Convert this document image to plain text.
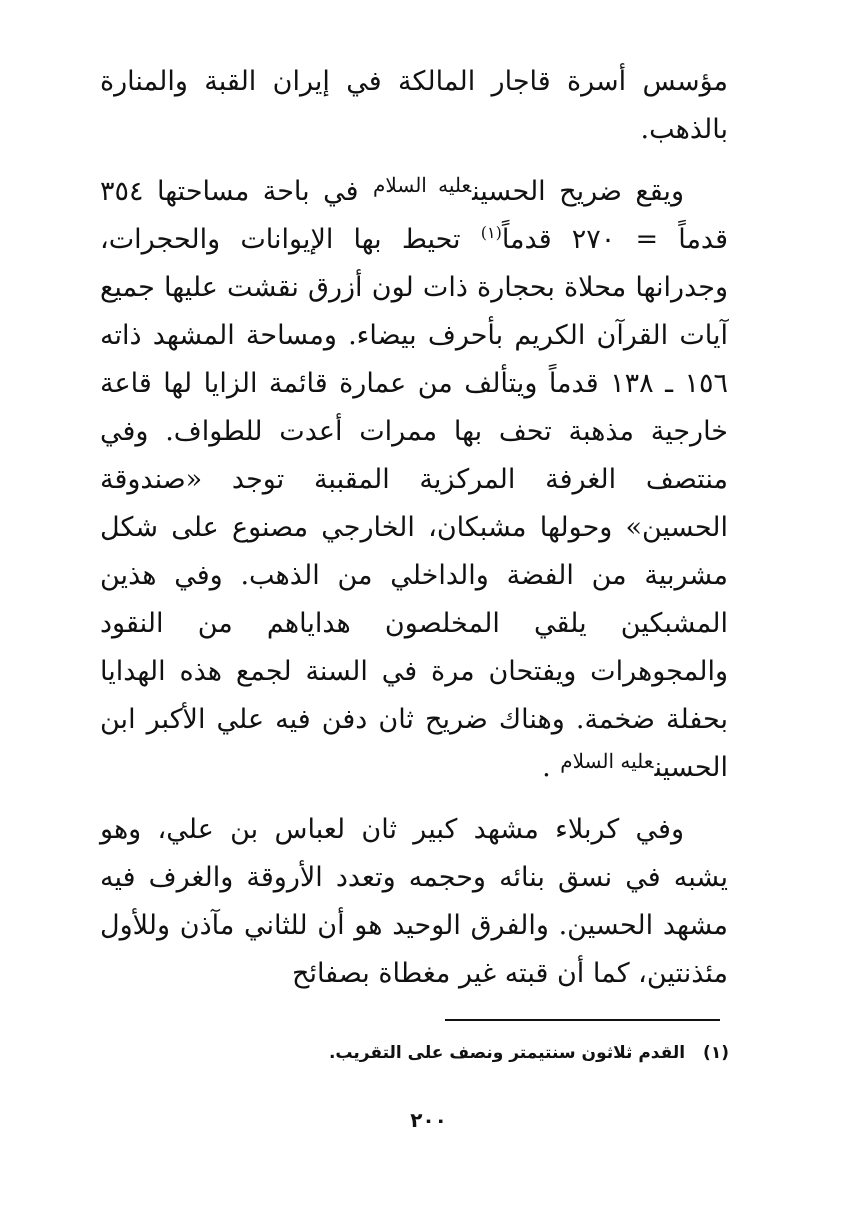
مؤسس أسرة قاجار المالكة في إيران القبة والمنارة بالذهب.

ويقع ضريح الحسين$^{عليه السلام}$ في باحة مساحتها ٣٥٤ قدماً = ٢٧٠ قدماً$^{(١)}$ تحيط بها الإيوانات والحجرات، وجدرانها محلاة بحجارة ذات لون أزرق نقشت عليها جميع آيات القرآن الكريم بأحرف بيضاء. ومساحة المشهد ذاته ١٥٦ ـ ١٣٨ قدماً ويتألف من عمارة قائمة الزايا لها قاعة خارجية مذهبة تحف بها ممرات أعدت للطواف. وفي منتصف الغرفة المركزية المقببة توجد «صندوقة الحسين» وحولها مشبكان، الخارجي مصنوع على شكل مشربية من الفضة والداخلي من الذهب. وفي هذين المشبكين يلقي المخلصون هداياهم من النقود والمجوهرات ويفتحان مرة في السنة لجمع هذه الهدايا بحفلة ضخمة. وهناك ضريح ثان دفن فيه علي الأكبر ابن الحسين$^{عليه السلام}$ .

وفي كربلاء مشهد كبير ثان لعباس بن علي، وهو يشبه في نسق بنائه وحجمه وتعدد الأروقة والغرف فيه مشهد الحسين. والفرق الوحيد هو أن للثاني مآذن وللأول مئذنتين، كما أن قبته غير مغطاة بصفائح

(١)القدم ثلاثون سنتيمتر ونصف على التقريب.
٢٠٠
